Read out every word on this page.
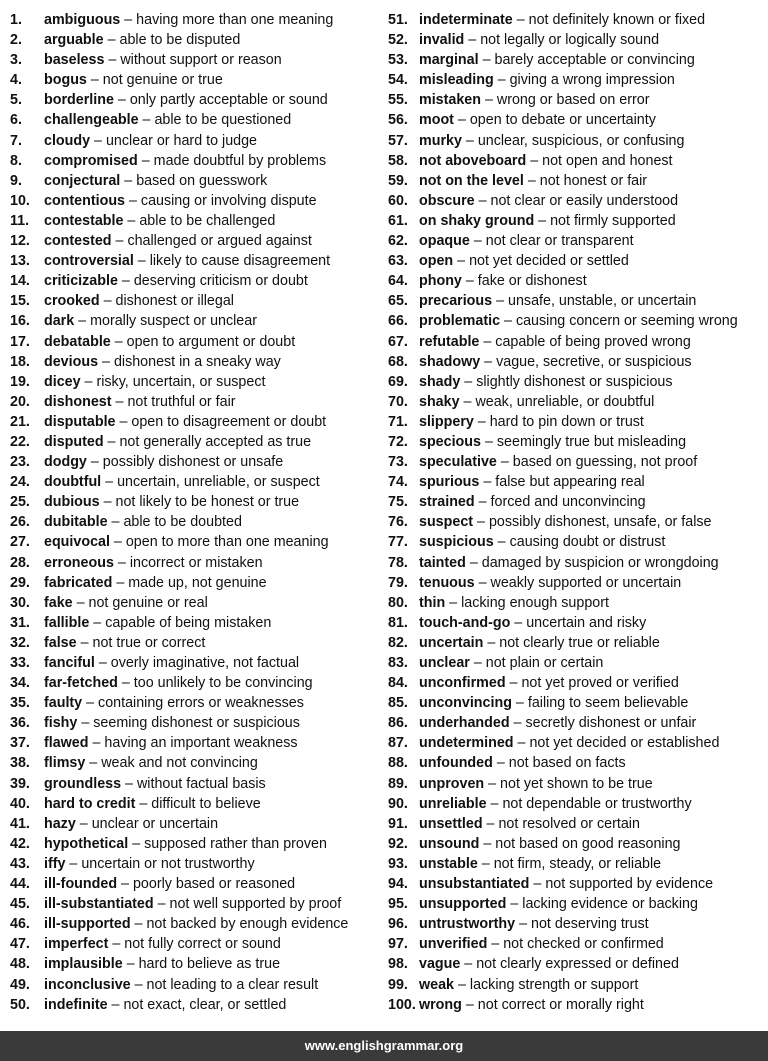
1. ambiguous – having more than one meaning
2. arguable – able to be disputed
3. baseless – without support or reason
4. bogus – not genuine or true
5. borderline – only partly acceptable or sound
6. challengeable – able to be questioned
7. cloudy – unclear or hard to judge
8. compromised – made doubtful by problems
9. conjectural – based on guesswork
10. contentious – causing or involving dispute
11. contestable – able to be challenged
12. contested – challenged or argued against
13. controversial – likely to cause disagreement
14. criticizable – deserving criticism or doubt
15. crooked – dishonest or illegal
16. dark – morally suspect or unclear
17. debatable – open to argument or doubt
18. devious – dishonest in a sneaky way
19. dicey – risky, uncertain, or suspect
20. dishonest – not truthful or fair
21. disputable – open to disagreement or doubt
22. disputed – not generally accepted as true
23. dodgy – possibly dishonest or unsafe
24. doubtful – uncertain, unreliable, or suspect
25. dubious – not likely to be honest or true
26. dubitable – able to be doubted
27. equivocal – open to more than one meaning
28. erroneous – incorrect or mistaken
29. fabricated – made up, not genuine
30. fake – not genuine or real
31. fallible – capable of being mistaken
32. false – not true or correct
33. fanciful – overly imaginative, not factual
34. far-fetched – too unlikely to be convincing
35. faulty – containing errors or weaknesses
36. fishy – seeming dishonest or suspicious
37. flawed – having an important weakness
38. flimsy – weak and not convincing
39. groundless – without factual basis
40. hard to credit – difficult to believe
41. hazy – unclear or uncertain
42. hypothetical – supposed rather than proven
43. iffy – uncertain or not trustworthy
44. ill-founded – poorly based or reasoned
45. ill-substantiated – not well supported by proof
46. ill-supported – not backed by enough evidence
47. imperfect – not fully correct or sound
48. implausible – hard to believe as true
49. inconclusive – not leading to a clear result
50. indefinite – not exact, clear, or settled
51. indeterminate – not definitely known or fixed
52. invalid – not legally or logically sound
53. marginal – barely acceptable or convincing
54. misleading – giving a wrong impression
55. mistaken – wrong or based on error
56. moot – open to debate or uncertainty
57. murky – unclear, suspicious, or confusing
58. not aboveboard – not open and honest
59. not on the level – not honest or fair
60. obscure – not clear or easily understood
61. on shaky ground – not firmly supported
62. opaque – not clear or transparent
63. open – not yet decided or settled
64. phony – fake or dishonest
65. precarious – unsafe, unstable, or uncertain
66. problematic – causing concern or seeming wrong
67. refutable – capable of being proved wrong
68. shadowy – vague, secretive, or suspicious
69. shady – slightly dishonest or suspicious
70. shaky – weak, unreliable, or doubtful
71. slippery – hard to pin down or trust
72. specious – seemingly true but misleading
73. speculative – based on guessing, not proof
74. spurious – false but appearing real
75. strained – forced and unconvincing
76. suspect – possibly dishonest, unsafe, or false
77. suspicious – causing doubt or distrust
78. tainted – damaged by suspicion or wrongdoing
79. tenuous – weakly supported or uncertain
80. thin – lacking enough support
81. touch-and-go – uncertain and risky
82. uncertain – not clearly true or reliable
83. unclear – not plain or certain
84. unconfirmed – not yet proved or verified
85. unconvincing – failing to seem believable
86. underhanded – secretly dishonest or unfair
87. undetermined – not yet decided or established
88. unfounded – not based on facts
89. unproven – not yet shown to be true
90. unreliable – not dependable or trustworthy
91. unsettled – not resolved or certain
92. unsound – not based on good reasoning
93. unstable – not firm, steady, or reliable
94. unsubstantiated – not supported by evidence
95. unsupported – lacking evidence or backing
96. untrustworthy – not deserving trust
97. unverified – not checked or confirmed
98. vague – not clearly expressed or defined
99. weak – lacking strength or support
100. wrong – not correct or morally right
www.englishgrammar.org
